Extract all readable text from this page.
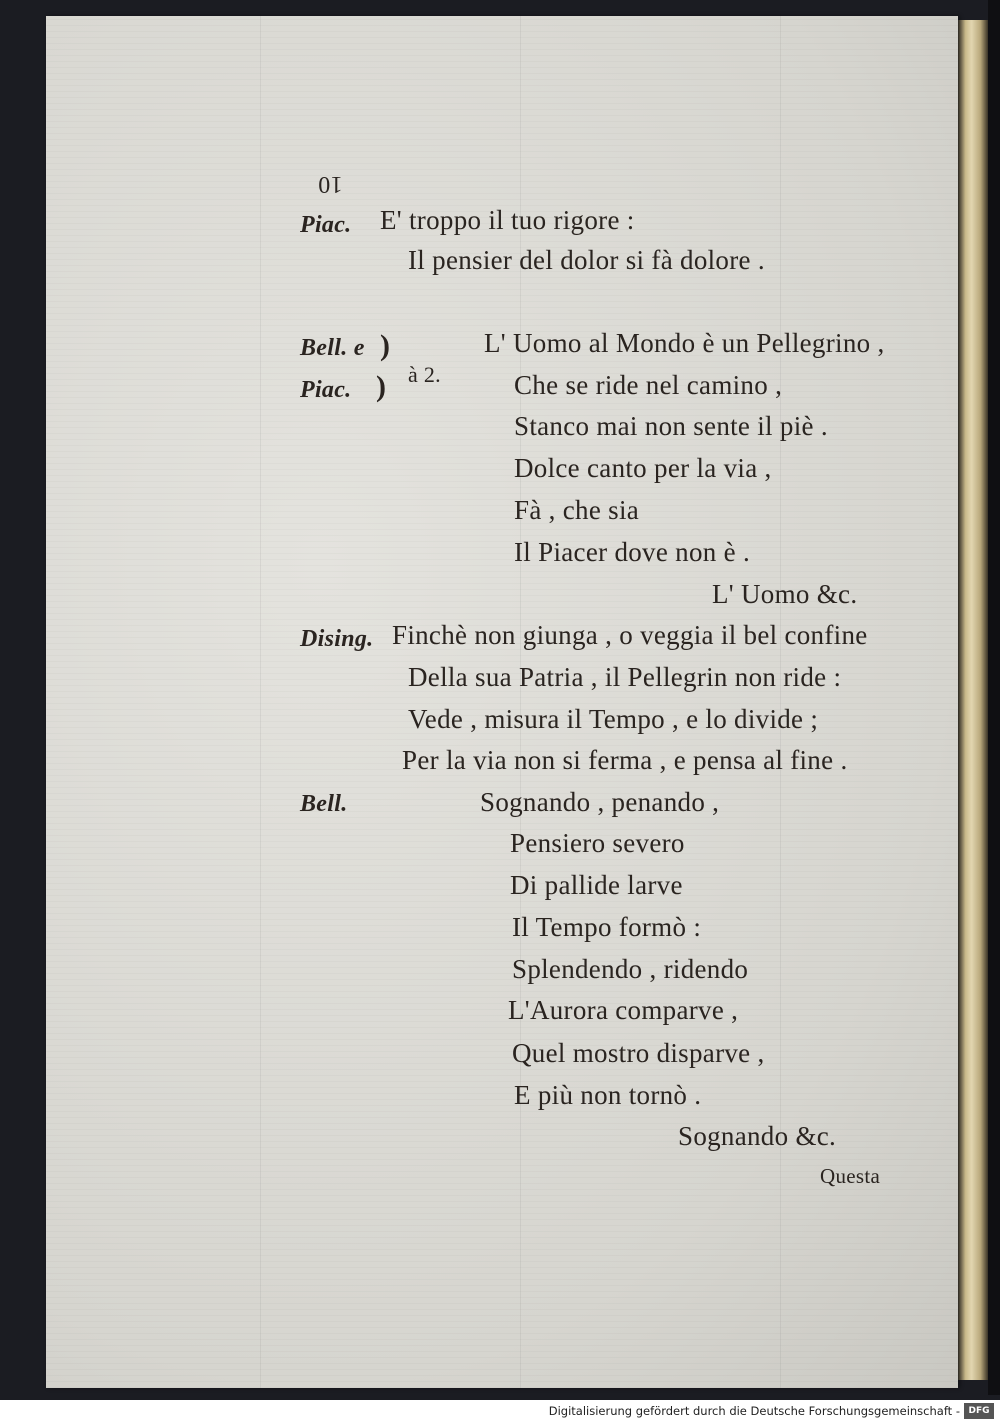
10
Piac. E' troppo il tuo rigore :
Il pensier del dolor si fà dolore .
Bell. e )	L' Uomo al Mondo è un Pellegrino ,
Piac. ) à 2.	Che se ride nel camino ,
Stanco mai non sente il piè .
Dolce canto per la via ,
Fà , che sia
Il Piacer dove non è .
L' Uomo &c.
Dising. Finchè non giunga , o veggia il bel confine
Della sua Patria , il Pellegrin non ride :
Vede , misura il Tempo , e lo divide ;
Per la via non si ferma , e pensa al fine .
Bell.	Sognando , penando ,
Pensiero severo
Di pallide larve
Il Tempo formò :
Splendendo , ridendo
L'Aurora comparve ,
Quel mostro disparve ,
E più non tornò .
Sognando &c.
Questa
Digitalisierung gefördert durch die Deutsche Forschungsgemeinschaft - DFG
